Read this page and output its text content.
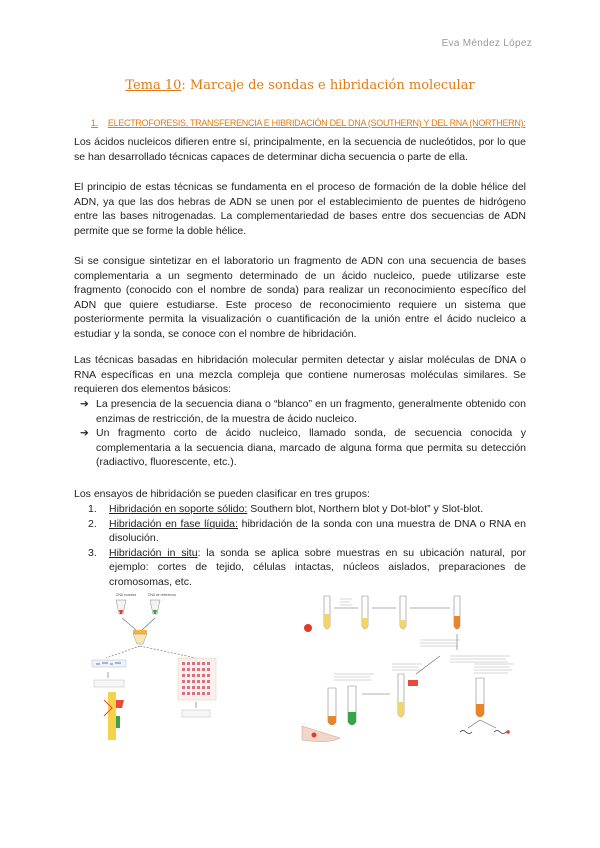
Eva Méndez López
Tema 10: Marcaje de sondas e hibridación molecular
1. ELECTROFORESIS, TRANSFERENCIA E HIBRIDACIÓN DEL DNA (SOUTHERN) Y DEL RNA (NORTHERN):

Los ácidos nucleicos difieren entre sí, principalmente, en la secuencia de nucleótidos, por lo que se han desarrollado técnicas capaces de determinar dicha secuencia o parte de ella.

El principio de estas técnicas se fundamenta en el proceso de formación de la doble hélice del ADN, ya que las dos hebras de ADN se unen por el establecimiento de puentes de hidrógeno entre las bases nitrogenadas. La complementariedad de bases entre dos secuencias de ADN permite que se forme la doble hélice.

Si se consigue sintetizar en el laboratorio un fragmento de ADN con una secuencia de bases complementaria a un segmento determinado de un ácido nucleico, puede utilizarse este fragmento (conocido con el nombre de sonda) para realizar un reconocimiento específico del ADN que quiere estudiarse. Este proceso de reconocimiento requiere un sistema que posteriormente permita la visualización o cuantificación de la unión entre el ácido nucleico a estudiar y la sonda, se conoce con el nombre de hibridación.

Las técnicas basadas en hibridación molecular permiten detectar y aislar moléculas de DNA o RNA específicas en una mezcla compleja que contiene numerosas moléculas similares. Se requieren dos elementos básicos:

➔ La presencia de la secuencia diana o “blanco” en un fragmento, generalmente obtenido con enzimas de restricción, de la muestra de ácido nucleico.
➔ Un fragmento corto de ácido nucleico, llamado sonda, de secuencia conocida y complementaria a la secuencia diana, marcado de alguna forma que permita su detección (radiactivo, fluorescente, etc.).

Los ensayos de hibridación se pueden clasificar en tres grupos:

1.	Hibridación en soporte sólido: Southern blot, Northern blot y Dot-blot” y Slot-blot.
2.	Hibridación en fase líquida: hibridación de la sonda con una muestra de DNA o RNA en disolución.
3.	Hibridación in situ: la sonda se aplica sobre muestras en su ubicación natural, por ejemplo: cortes de tejido, células intactas, núcleos aislados, preparaciones de cromosomas, etc.
DNA muestra	DNA de referencia
